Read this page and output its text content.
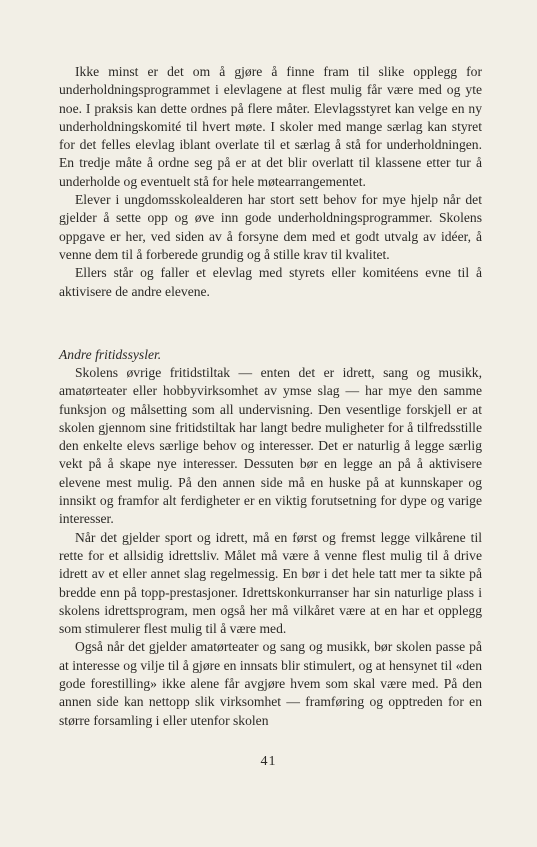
Ikke minst er det om å gjøre å finne fram til slike opplegg for underholdningsprogrammet i elevlagene at flest mulig får være med og yte noe. I praksis kan dette ordnes på flere måter. Elevlagsstyret kan velge en ny underholdningskomité til hvert møte. I skoler med mange særlag kan styret for det felles elevlag iblant overlate til et særlag å stå for underholdningen. En tredje måte å ordne seg på er at det blir overlatt til klassene etter tur å underholde og eventuelt stå for hele møtearrangementet.

Elever i ungdomsskolealderen har stort sett behov for mye hjelp når det gjelder å sette opp og øve inn gode underholdningsprogrammer. Skolens oppgave er her, ved siden av å forsyne dem med et godt utvalg av idéer, å venne dem til å forberede grundig og å stille krav til kvalitet.

Ellers står og faller et elevlag med styrets eller komitéens evne til å aktivisere de andre elevene.

Andre fritidssysler.

Skolens øvrige fritidstiltak — enten det er idrett, sang og musikk, amatørteater eller hobbyvirksomhet av ymse slag — har mye den samme funksjon og målsetting som all undervisning. Den vesentlige forskjell er at skolen gjennom sine fritidstiltak har langt bedre muligheter for å tilfredsstille den enkelte elevs særlige behov og interesser. Det er naturlig å legge særlig vekt på å skape nye interesser. Dessuten bør en legge an på å aktivisere elevene mest mulig. På den annen side må en huske på at kunnskaper og innsikt og framfor alt ferdigheter er en viktig forutsetning for dype og varige interesser.

Når det gjelder sport og idrett, må en først og fremst legge vilkårene til rette for et allsidig idrettsliv. Målet må være å venne flest mulig til å drive idrett av et eller annet slag regelmessig. En bør i det hele tatt mer ta sikte på bredde enn på topp-prestasjoner. Idrettskonkurranser har sin naturlige plass i skolens idrettsprogram, men også her må vilkåret være at en har et opplegg som stimulerer flest mulig til å være med.

Også når det gjelder amatørteater og sang og musikk, bør skolen passe på at interesse og vilje til å gjøre en innsats blir stimulert, og at hensynet til «den gode forestilling» ikke alene får avgjøre hvem som skal være med. På den annen side kan nettopp slik virksomhet — framføring og opptreden for en større forsamling i eller utenfor skolen

41
